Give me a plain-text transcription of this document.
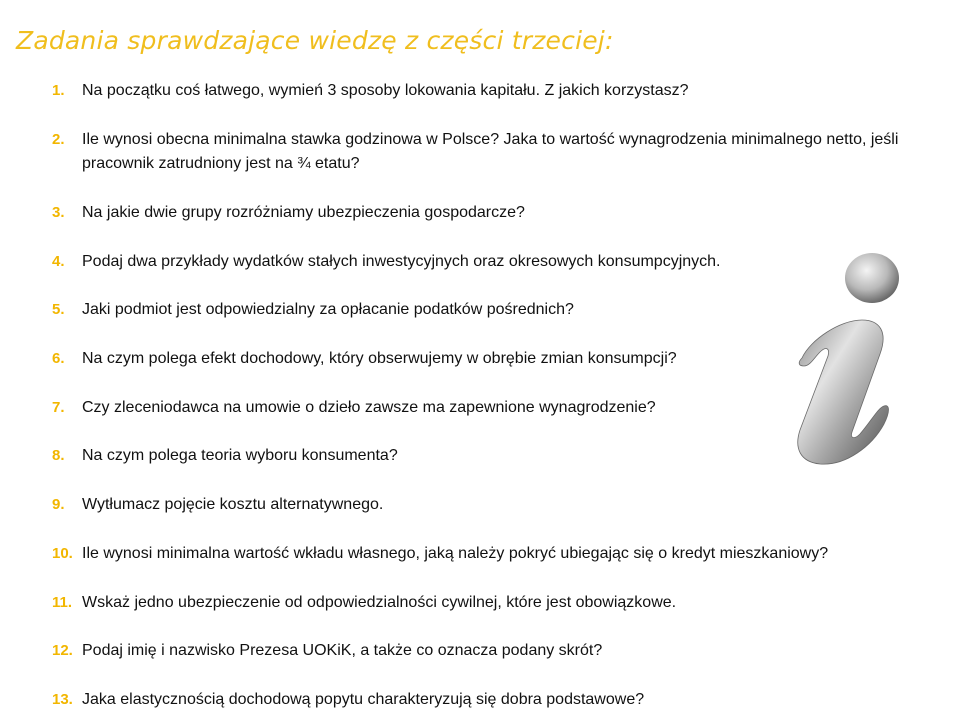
Zadania sprawdzające wiedzę z części trzeciej:
1.	Na początku coś łatwego, wymień 3 sposoby lokowania kapitału. Z jakich korzystasz?
2.	Ile wynosi obecna minimalna stawka godzinowa w Polsce? Jaka to wartość wynagrodzenia minimalnego netto, jeśli pracownik zatrudniony jest na ¾ etatu?
3.	Na jakie dwie grupy rozróżniamy ubezpieczenia gospodarcze?
4.	Podaj dwa przykłady wydatków stałych inwestycyjnych oraz okresowych konsumpcyjnych.
5.	Jaki podmiot jest odpowiedzialny za opłacanie podatków pośrednich?
6.	Na czym polega efekt dochodowy, który obserwujemy w obrębie zmian konsumpcji?
7.	Czy zleceniodawca na umowie o dzieło zawsze ma zapewnione wynagrodzenie?
8.	Na czym polega teoria wyboru konsumenta?
9.	Wytłumacz pojęcie kosztu alternatywnego.
10. Ile wynosi minimalna wartość wkładu własnego, jaką należy pokryć ubiegając się o kredyt mieszkaniowy?
11. Wskaż jedno ubezpieczenie od odpowiedzialności cywilnej, które jest obowiązkowe.
12. Podaj imię i nazwisko Prezesa UOKiK, a także co oznacza podany skrót?
13. Jaka elastycznością dochodową popytu charakteryzują się dobra podstawowe?
